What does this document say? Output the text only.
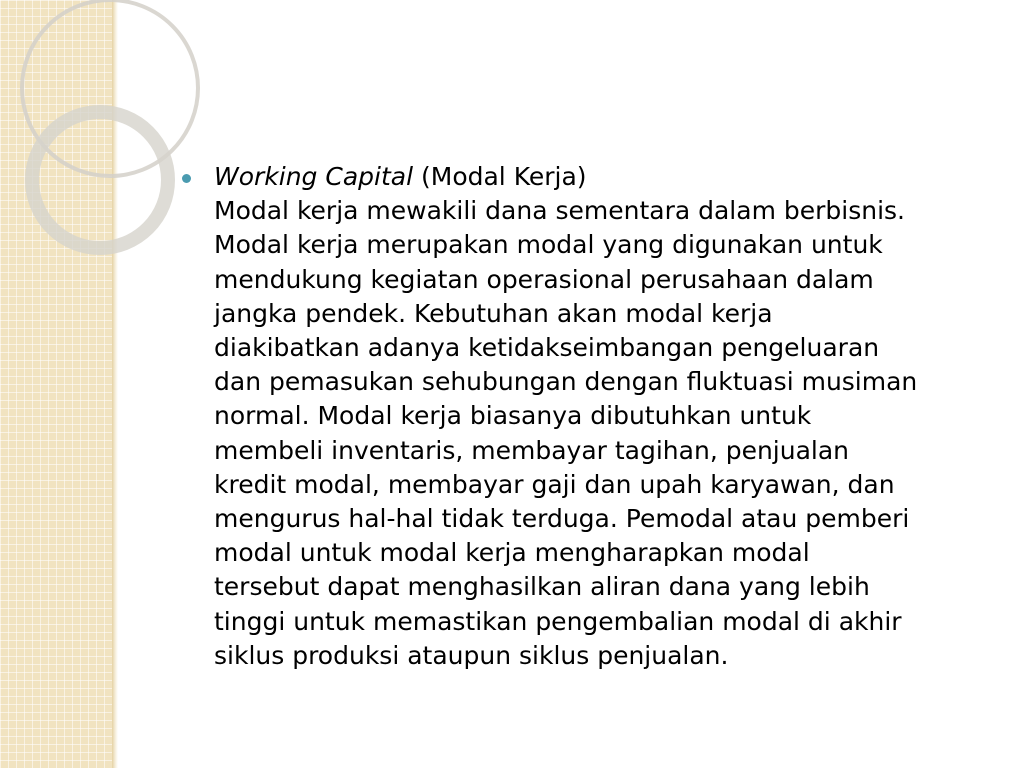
Working Capital (Modal Kerja)
Modal kerja mewakili dana sementara dalam berbisnis.
Modal kerja merupakan modal yang digunakan untuk
mendukung kegiatan operasional perusahaan dalam
jangka pendek. Kebutuhan akan modal kerja
diakibatkan adanya ketidakseimbangan pengeluaran
dan pemasukan sehubungan dengan fluktuasi musiman
normal. Modal kerja biasanya dibutuhkan untuk
membeli inventaris, membayar tagihan, penjualan
kredit modal, membayar gaji dan upah karyawan, dan
mengurus hal-hal tidak terduga. Pemodal atau pemberi
modal untuk modal kerja mengharapkan modal
tersebut dapat menghasilkan aliran dana yang lebih
tinggi untuk memastikan pengembalian modal di akhir
siklus produksi ataupun siklus penjualan.
